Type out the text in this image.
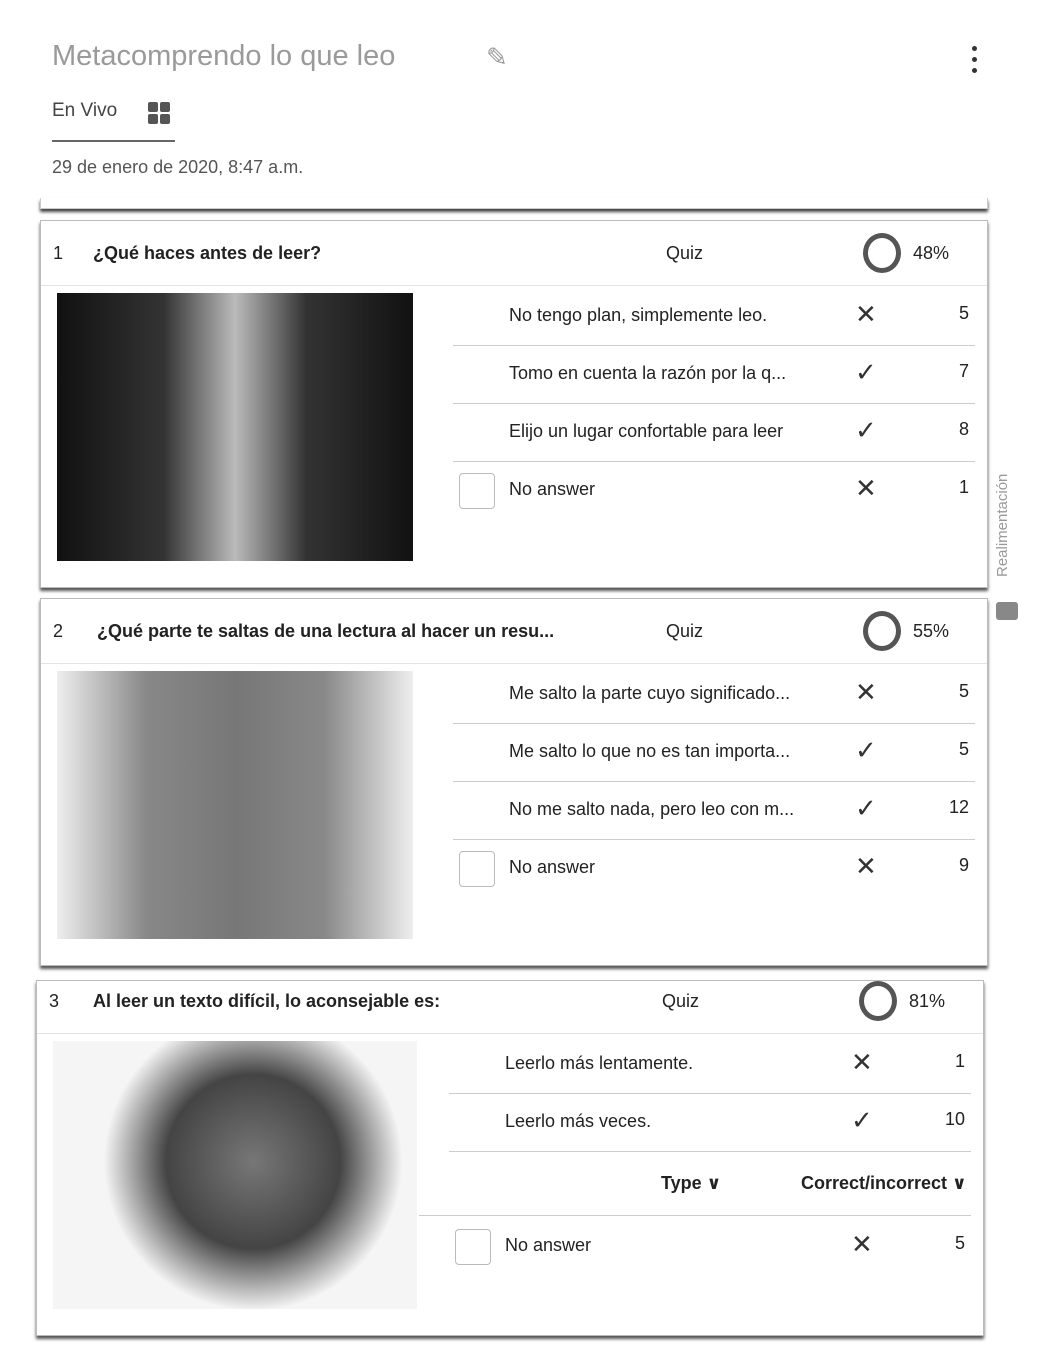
Metacomprendo lo que leo	✎
En Vivo
29 de enero de 2020, 8:47 a.m.
1 ¿Qué haces antes de leer?	Quiz	48%
No tengo plan, simplemente leo.	✕	5
Tomo en cuenta la razón por la q...	✓	7
Elijo un lugar confortable para leer	✓	8
No answer	✕	1
2 ¿Qué parte te saltas de una lectura al hacer un resu...	Quiz	55%
Me salto la parte cuyo significado... ✕	5
Me salto lo que no es tan importa... ✓	5
No me salto nada, pero leo con m... ✓	12
No answer	✕	9
3 Al leer un texto difícil, lo aconsejable es:	Quiz	81%
Leerlo más lentamente.	✕	1
Leerlo más veces.	✓	10
Type ∨	Correct/incorrect ∨
No answer	✕	5
Realimentación
